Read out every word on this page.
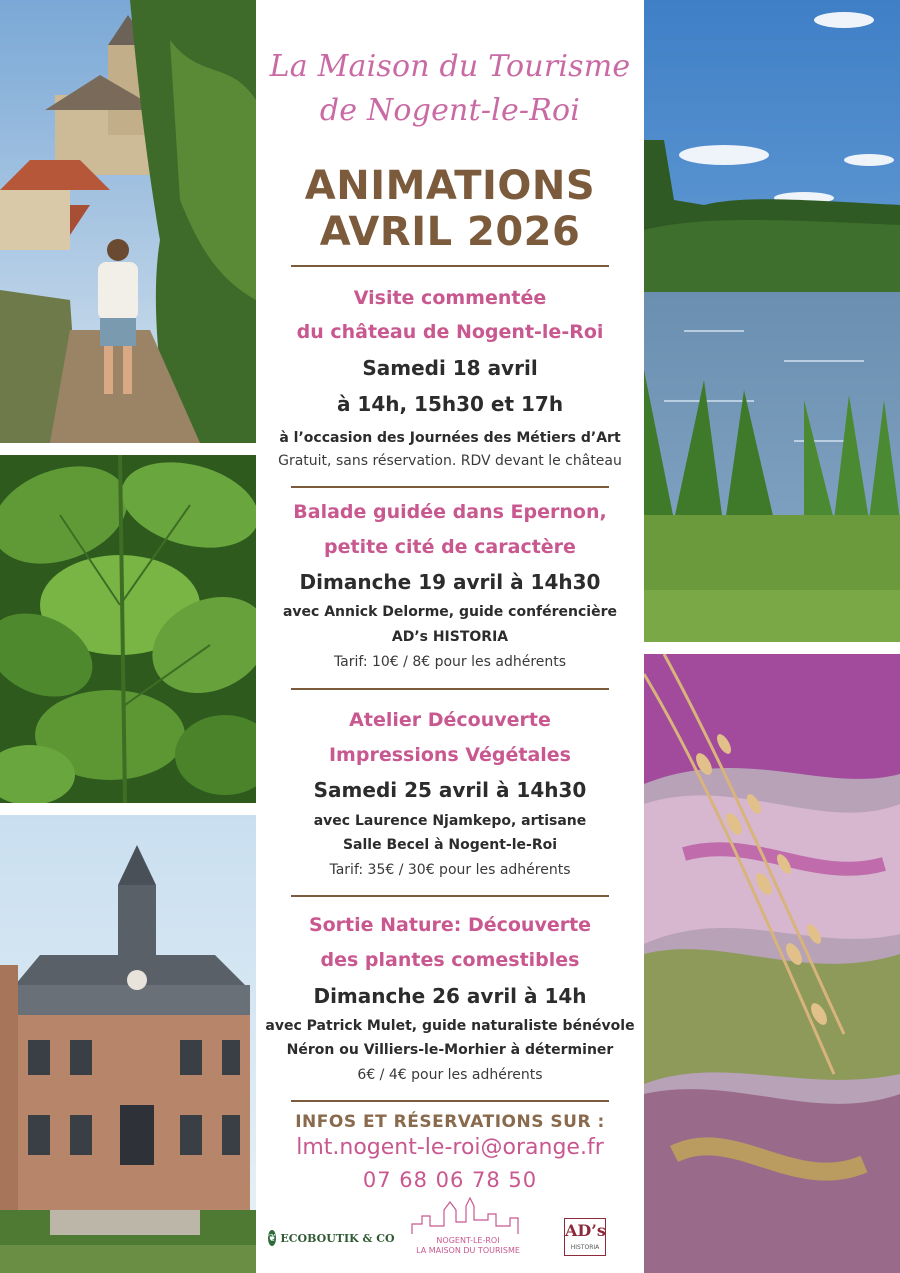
La Maison du Tourisme
de Nogent-le-Roi
ANIMATIONS
AVRIL 2026
Visite commentée
du château de Nogent-le-Roi
Samedi 18 avril
à 14h, 15h30 et 17h
à l’occasion des Journées des Métiers d’Art
Gratuit, sans réservation. RDV devant le château
Balade guidée dans Epernon,
petite cité de caractère
Dimanche 19 avril à 14h30
avec Annick Delorme, guide conférencière
AD’s HISTORIA
Tarif: 10€ / 8€ pour les adhérents
Atelier Découverte
Impressions Végétales
Samedi 25 avril à 14h30
avec Laurence Njamkepo, artisane
Salle Becel à Nogent-le-Roi
Tarif: 35€ / 30€ pour les adhérents
Sortie Nature: Découverte
des plantes comestibles
Dimanche 26 avril à 14h
avec Patrick Mulet, guide naturaliste bénévole
Néron ou Villiers-le-Morhier à déterminer
6€ / 4€ pour les adhérents
INFOS ET RÉSERVATIONS SUR :
lmt.nogent-le-roi@orange.fr
07 68 06 78 50
❦ ECOBOUTIK & CO	NOGENT-LE-ROI
LA MAISON DU TOURISME
AD’s
HISTORIA
